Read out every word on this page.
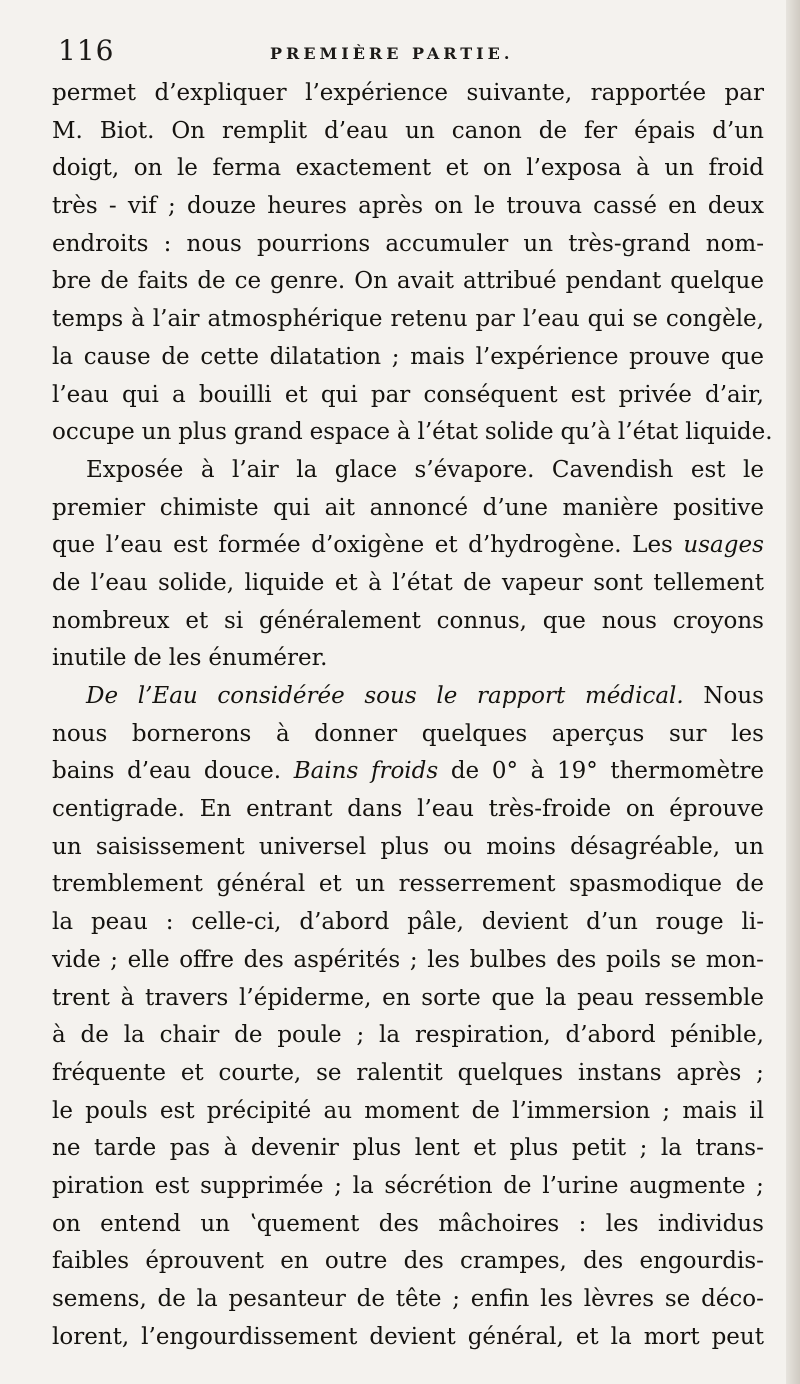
116	PREMIÈRE PARTIE.
permet d’expliquer l’expérience suivante, rapportée par
M. Biot. On remplit d’eau un canon de fer épais d’un
doigt, on le ferma exactement et on l’exposa à un froid
très - vif ; douze heures après on le trouva cassé en deux
endroits : nous pourrions accumuler un très-grand nom-
bre de faits de ce genre. On avait attribué pendant quelque
temps à l’air atmosphérique retenu par l’eau qui se congèle,
la cause de cette dilatation ; mais l’expérience prouve que
l’eau qui a bouilli et qui par conséquent est privée d’air,
occupe un plus grand espace à l’état solide qu’à l’état liquide.
Exposée à l’air la glace s’évapore. Cavendish est le
premier chimiste qui ait annoncé d’une manière positive
que l’eau est formée d’oxigène et d’hydrogène. Les usages
de l’eau solide, liquide et à l’état de vapeur sont tellement
nombreux et si généralement connus, que nous croyons
inutile de les énumérer.
De l’Eau considérée sous le rapport médical. Nous
nous bornerons à donner quelques aperçus sur les
bains d’eau douce. Bains froids de 0° à 19° thermomètre
centigrade. En entrant dans l’eau très-froide on éprouve
un saisissement universel plus ou moins désagréable, un
tremblement général et un resserrement spasmodique de
la peau : celle-ci, d’abord pâle, devient d’un rouge li-
vide ; elle offre des aspérités ; les bulbes des poils se mon-
trent à travers l’épiderme, en sorte que la peau ressemble
à de la chair de poule ; la respiration, d’abord pénible,
fréquente et courte, se ralentit quelques instans après ;
le pouls est précipité au moment de l’immersion ; mais il
ne tarde pas à devenir plus lent et plus petit ; la trans-
piration est supprimée ; la sécrétion de l’urine augmente ;
on entend un ʽquement des mâchoires : les individus
faibles éprouvent en outre des crampes, des engourdis-
semens, de la pesanteur de tête ; enfin les lèvres se déco-
lorent, l’engourdissement devient général, et la mort peut
